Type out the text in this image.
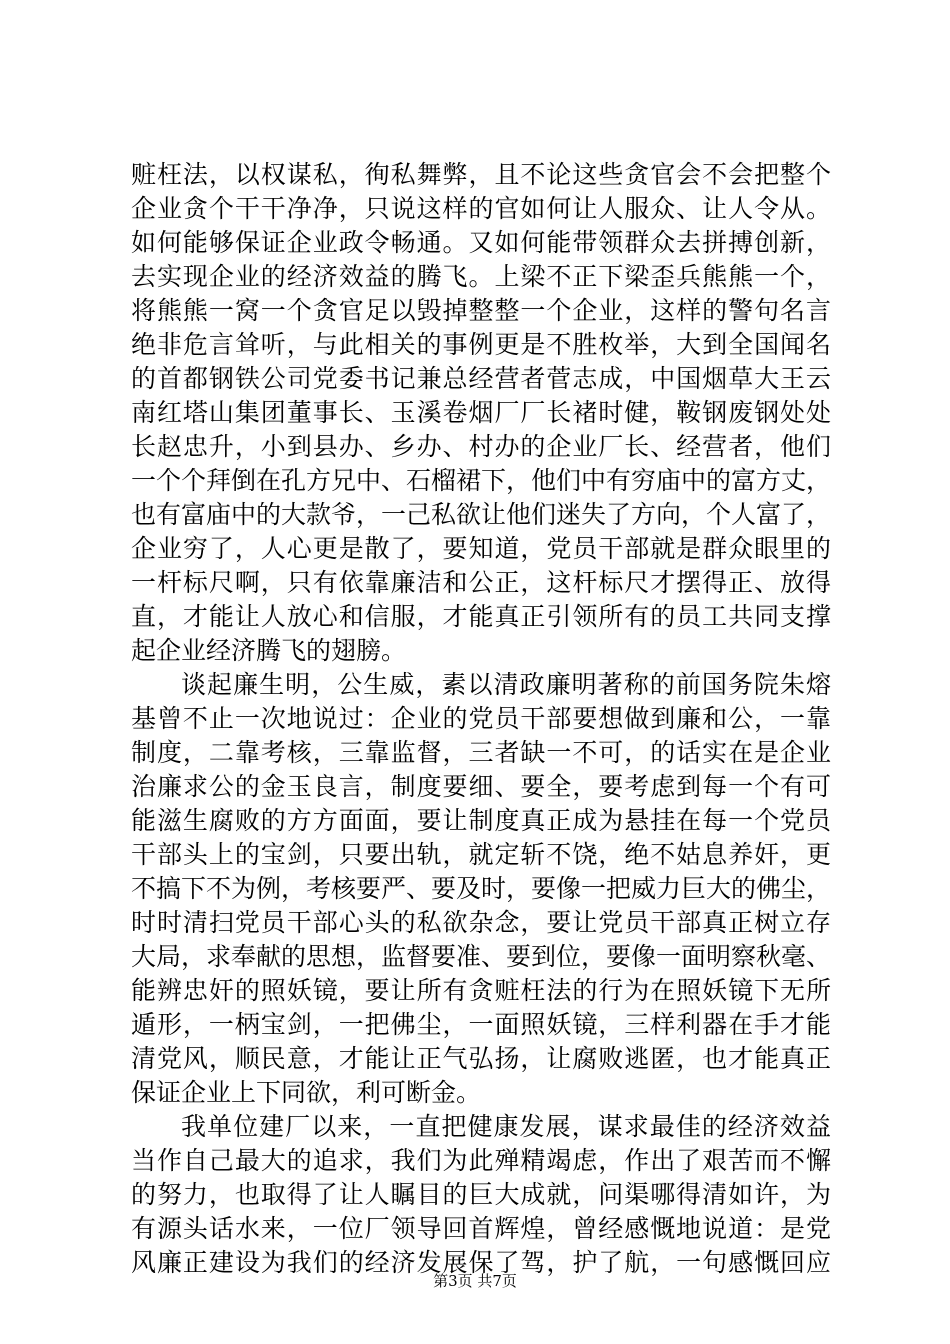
赃枉法，以权谋私，徇私舞弊，且不论这些贪官会不会把整个
企业贪个干干净净，只说这样的官如何让人服众、让人令从。
如何能够保证企业政令畅通。又如何能带领群众去拼搏创新，
去实现企业的经济效益的腾飞。上梁不正下梁歪兵熊熊一个，
将熊熊一窝一个贪官足以毁掉整整一个企业，这样的警句名言
绝非危言耸听，与此相关的事例更是不胜枚举，大到全国闻名
的首都钢铁公司党委书记兼总经营者菅志成，中国烟草大王云
南红塔山集团董事长、玉溪卷烟厂厂长褚时健，鞍钢废钢处处
长赵忠升，小到县办、乡办、村办的企业厂长、经营者，他们
一个个拜倒在孔方兄中、石榴裙下，他们中有穷庙中的富方丈，
也有富庙中的大款爷，一己私欲让他们迷失了方向，个人富了，
企业穷了，人心更是散了，要知道，党员干部就是群众眼里的
一杆标尺啊，只有依靠廉洁和公正，这杆标尺才摆得正、放得
直，才能让人放心和信服，才能真正引领所有的员工共同支撑
起企业经济腾飞的翅膀。
谈起廉生明，公生威，素以清政廉明著称的前国务院朱熔
基曾不止一次地说过：企业的党员干部要想做到廉和公，一靠
制度，二靠考核，三靠监督，三者缺一不可，的话实在是企业
治廉求公的金玉良言，制度要细、要全，要考虑到每一个有可
能滋生腐败的方方面面，要让制度真正成为悬挂在每一个党员
干部头上的宝剑，只要出轨，就定斩不饶，绝不姑息养奸，更
不搞下不为例，考核要严、要及时，要像一把威力巨大的佛尘，
时时清扫党员干部心头的私欲杂念，要让党员干部真正树立存
大局，求奉献的思想，监督要准、要到位，要像一面明察秋毫、
能辨忠奸的照妖镜，要让所有贪赃枉法的行为在照妖镜下无所
遁形，一柄宝剑，一把佛尘，一面照妖镜，三样利器在手才能
清党风，顺民意，才能让正气弘扬，让腐败逃匿，也才能真正
保证企业上下同欲，利可断金。
我单位建厂以来，一直把健康发展，谋求最佳的经济效益
当作自己最大的追求，我们为此殚精竭虑，作出了艰苦而不懈
的努力，也取得了让人瞩目的巨大成就，问渠哪得清如许，为
有源头话水来，一位厂领导回首辉煌，曾经感慨地说道：是党
风廉正建设为我们的经济发展保了驾，护了航，一句感慨回应
第3页 共7页
